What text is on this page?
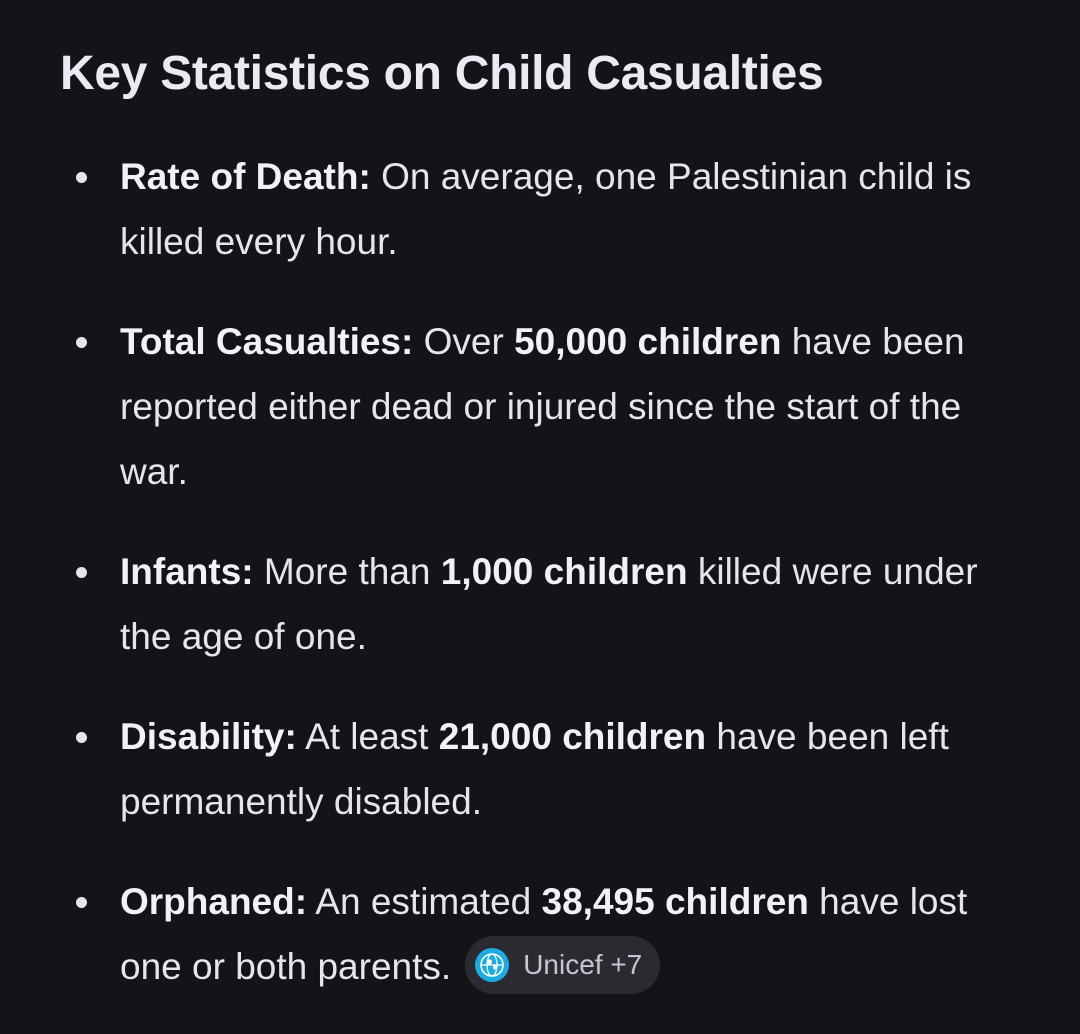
Key Statistics on Child Casualties
Rate of Death: On average, one Palestinian child is killed every hour.
Total Casualties: Over 50,000 children have been reported either dead or injured since the start of the war.
Infants: More than 1,000 children killed were under the age of one.
Disability: At least 21,000 children have been left permanently disabled.
Orphaned: An estimated 38,495 children have lost one or both parents.	Unicef +7
